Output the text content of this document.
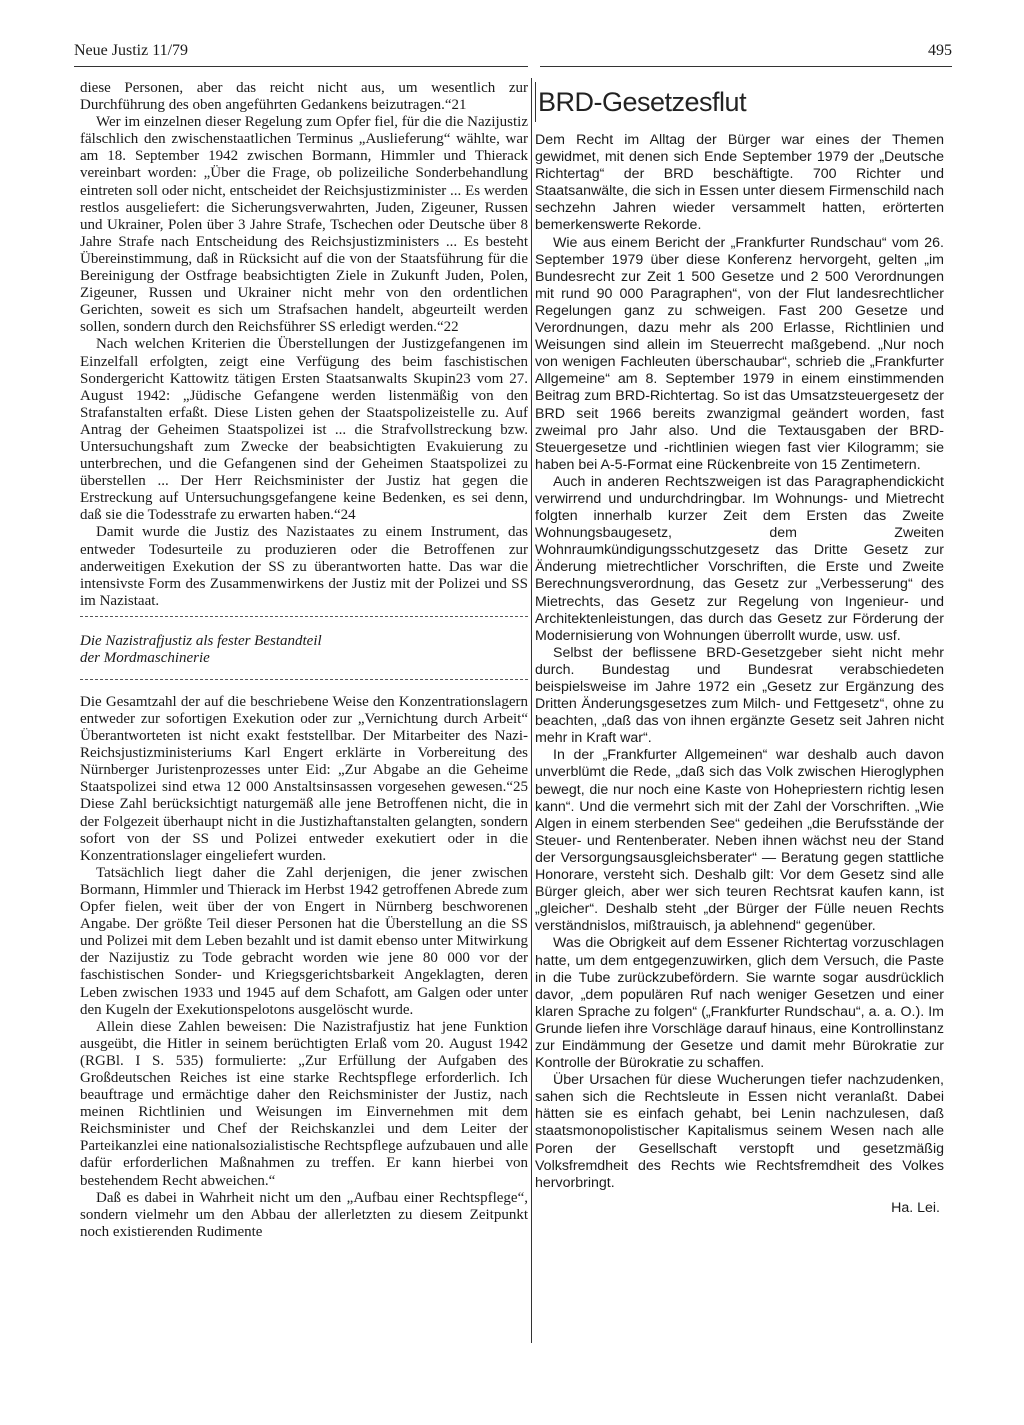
Neue Justiz 11/79	495

diese Personen, aber das reicht nicht aus, um wesentlich zur Durchführung des oben angeführten Gedankens beizutragen.“21

Wer im einzelnen dieser Regelung zum Opfer fiel, für die die Nazijustiz fälschlich den zwischenstaatlichen Terminus „Auslieferung“ wählte, war am 18. September 1942 zwischen Bormann, Himmler und Thierack vereinbart worden: „Über die Frage, ob polizeiliche Sonderbehandlung eintreten soll oder nicht, entscheidet der Reichsjustizminister ... Es werden restlos ausgeliefert: die Sicherungsverwahrten, Juden, Zigeuner, Russen und Ukrainer, Polen über 3 Jahre Strafe, Tschechen oder Deutsche über 8 Jahre Strafe nach Entscheidung des Reichsjustizministers ... Es besteht Übereinstimmung, daß in Rücksicht auf die von der Staatsführung für die Bereinigung der Ostfrage beabsichtigten Ziele in Zukunft Juden, Polen, Zigeuner, Russen und Ukrainer nicht mehr von den ordentlichen Gerichten, soweit es sich um Strafsachen handelt, abgeurteilt werden sollen, sondern durch den Reichsführer SS erledigt werden.“22

Nach welchen Kriterien die Überstellungen der Justizgefangenen im Einzelfall erfolgten, zeigt eine Verfügung des beim faschistischen Sondergericht Kattowitz tätigen Ersten Staatsanwalts Skupin23 vom 27. August 1942: „Jüdische Gefangene werden listenmäßig von den Strafanstalten erfaßt. Diese Listen gehen der Staatspolizeistelle zu. Auf Antrag der Geheimen Staatspolizei ist ... die Strafvollstreckung bzw. Untersuchungshaft zum Zwecke der beabsichtigten Evakuierung zu unterbrechen, und die Gefangenen sind der Geheimen Staatspolizei zu überstellen ... Der Herr Reichsminister der Justiz hat gegen die Erstreckung auf Untersuchungsgefangene keine Bedenken, es sei denn, daß sie die Todesstrafe zu erwarten haben.“24

Damit wurde die Justiz des Nazistaates zu einem Instrument, das entweder Todesurteile zu produzieren oder die Betroffenen zur anderweitigen Exekution der SS zu überantworten hatte. Das war die intensivste Form des Zusammenwirkens der Justiz mit der Polizei und SS im Nazistaat.

Die Nazistrafjustiz als fester Bestandteil
der Mordmaschinerie

Die Gesamtzahl der auf die beschriebene Weise den Konzentrationslagern entweder zur sofortigen Exekution oder zur „Vernichtung durch Arbeit“ Überantworteten ist nicht exakt feststellbar. Der Mitarbeiter des Nazi-Reichsjustizministeriums Karl Engert erklärte in Vorbereitung des Nürnberger Juristenprozesses unter Eid: „Zur Abgabe an die Geheime Staatspolizei sind etwa 12 000 Anstaltsinsassen vorgesehen gewesen.“25 Diese Zahl berücksichtigt naturgemäß alle jene Betroffenen nicht, die in der Folgezeit überhaupt nicht in die Justizhaftanstalten gelangten, sondern sofort von der SS und Polizei entweder exekutiert oder in die Konzentrationslager eingeliefert wurden.

Tatsächlich liegt daher die Zahl derjenigen, die jener zwischen Bormann, Himmler und Thierack im Herbst 1942 getroffenen Abrede zum Opfer fielen, weit über der von Engert in Nürnberg beschworenen Angabe. Der größte Teil dieser Personen hat die Überstellung an die SS und Polizei mit dem Leben bezahlt und ist damit ebenso unter Mitwirkung der Nazijustiz zu Tode gebracht worden wie jene 80 000 vor der faschistischen Sonder- und Kriegsgerichtsbarkeit Angeklagten, deren Leben zwischen 1933 und 1945 auf dem Schafott, am Galgen oder unter den Kugeln der Exekutionspelotons ausgelöscht wurde.

Allein diese Zahlen beweisen: Die Nazistrafjustiz hat jene Funktion ausgeübt, die Hitler in seinem berüchtigten Erlaß vom 20. August 1942 (RGBl. I S. 535) formulierte: „Zur Erfüllung der Aufgaben des Großdeutschen Reiches ist eine starke Rechtspflege erforderlich. Ich beauftrage und ermächtige daher den Reichsminister der Justiz, nach meinen Richtlinien und Weisungen im Einvernehmen mit dem Reichsminister und Chef der Reichskanzlei und dem Leiter der Parteikanzlei eine nationalsozialistische Rechtspflege aufzubauen und alle dafür erforderlichen Maßnahmen zu treffen. Er kann hierbei von bestehendem Recht abweichen.“

Daß es dabei in Wahrheit nicht um den „Aufbau einer Rechtspflege“, sondern vielmehr um den Abbau der allerletzten zu diesem Zeitpunkt noch existierenden Rudimente

BRD-Gesetzesflut

Dem Recht im Alltag der Bürger war eines der Themen gewidmet, mit denen sich Ende September 1979 der „Deutsche Richtertag“ der BRD beschäftigte. 700 Richter und Staatsanwälte, die sich in Essen unter diesem Firmenschild nach sechzehn Jahren wieder versammelt hatten, erörterten bemerkenswerte Rekorde.

Wie aus einem Bericht der „Frankfurter Rundschau“ vom 26. September 1979 über diese Konferenz hervorgeht, gelten „im Bundesrecht zur Zeit 1 500 Gesetze und 2 500 Verordnungen mit rund 90 000 Paragraphen“, von der Flut landesrechtlicher Regelungen ganz zu schweigen. Fast 200 Gesetze und Verordnungen, dazu mehr als 200 Erlasse, Richtlinien und Weisungen sind allein im Steuerrecht maßgebend. „Nur noch von wenigen Fachleuten überschaubar“, schrieb die „Frankfurter Allgemeine“ am 8. September 1979 in einem einstimmenden Beitrag zum BRD-Richtertag. So ist das Umsatzsteuergesetz der BRD seit 1966 bereits zwanzigmal geändert worden, fast zweimal pro Jahr also. Und die Textausgaben der BRD-Steuergesetze und -richtlinien wiegen fast vier Kilogramm; sie haben bei A-5-Format eine Rückenbreite von 15 Zentimetern.

Auch in anderen Rechtszweigen ist das Paragraphendickicht verwirrend und undurchdringbar. Im Wohnungs- und Mietrecht folgten innerhalb kurzer Zeit dem Ersten das Zweite Wohnungsbaugesetz, dem Zweiten Wohnraumkündigungsschutzgesetz das Dritte Gesetz zur Änderung mietrechtlicher Vorschriften, die Erste und Zweite Berechnungsverordnung, das Gesetz zur „Verbesserung“ des Mietrechts, das Gesetz zur Regelung von Ingenieur- und Architektenleistungen, das durch das Gesetz zur Förderung der Modernisierung von Wohnungen überrollt wurde, usw. usf.

Selbst der beflissene BRD-Gesetzgeber sieht nicht mehr durch. Bundestag und Bundesrat verabschiedeten beispielsweise im Jahre 1972 ein „Gesetz zur Ergänzung des Dritten Änderungsgesetzes zum Milch- und Fettgesetz“, ohne zu beachten, „daß das von ihnen ergänzte Gesetz seit Jahren nicht mehr in Kraft war“.

In der „Frankfurter Allgemeinen“ war deshalb auch davon unverblümt die Rede, „daß sich das Volk zwischen Hieroglyphen bewegt, die nur noch eine Kaste von Hohepriestern richtig lesen kann“. Und die vermehrt sich mit der Zahl der Vorschriften. „Wie Algen in einem sterbenden See“ gedeihen „die Berufsstände der Steuer- und Rentenberater. Neben ihnen wächst neu der Stand der Versorgungsausgleichsberater“ — Beratung gegen stattliche Honorare, versteht sich. Deshalb gilt: Vor dem Gesetz sind alle Bürger gleich, aber wer sich teuren Rechtsrat kaufen kann, ist „gleicher“. Deshalb steht „der Bürger der Fülle neuen Rechts verständnislos, mißtrauisch, ja ablehnend“ gegenüber.

Was die Obrigkeit auf dem Essener Richtertag vorzuschlagen hatte, um dem entgegenzuwirken, glich dem Versuch, die Paste in die Tube zurückzubefördern. Sie warnte sogar ausdrücklich davor, „dem populären Ruf nach weniger Gesetzen und einer klaren Sprache zu folgen“ („Frankfurter Rundschau“, a. a. O.). Im Grunde liefen ihre Vorschläge darauf hinaus, eine Kontrollinstanz zur Eindämmung der Gesetze und damit mehr Bürokratie zur Kontrolle der Bürokratie zu schaffen.

Über Ursachen für diese Wucherungen tiefer nachzudenken, sahen sich die Rechtsleute in Essen nicht veranlaßt. Dabei hätten sie es einfach gehabt, bei Lenin nachzulesen, daß staatsmonopolistischer Kapitalismus seinem Wesen nach alle Poren der Gesellschaft verstopft und gesetzmäßig Volksfremdheit des Rechts wie Rechtsfremdheit des Volkes hervorbringt.

Ha. Lei.
